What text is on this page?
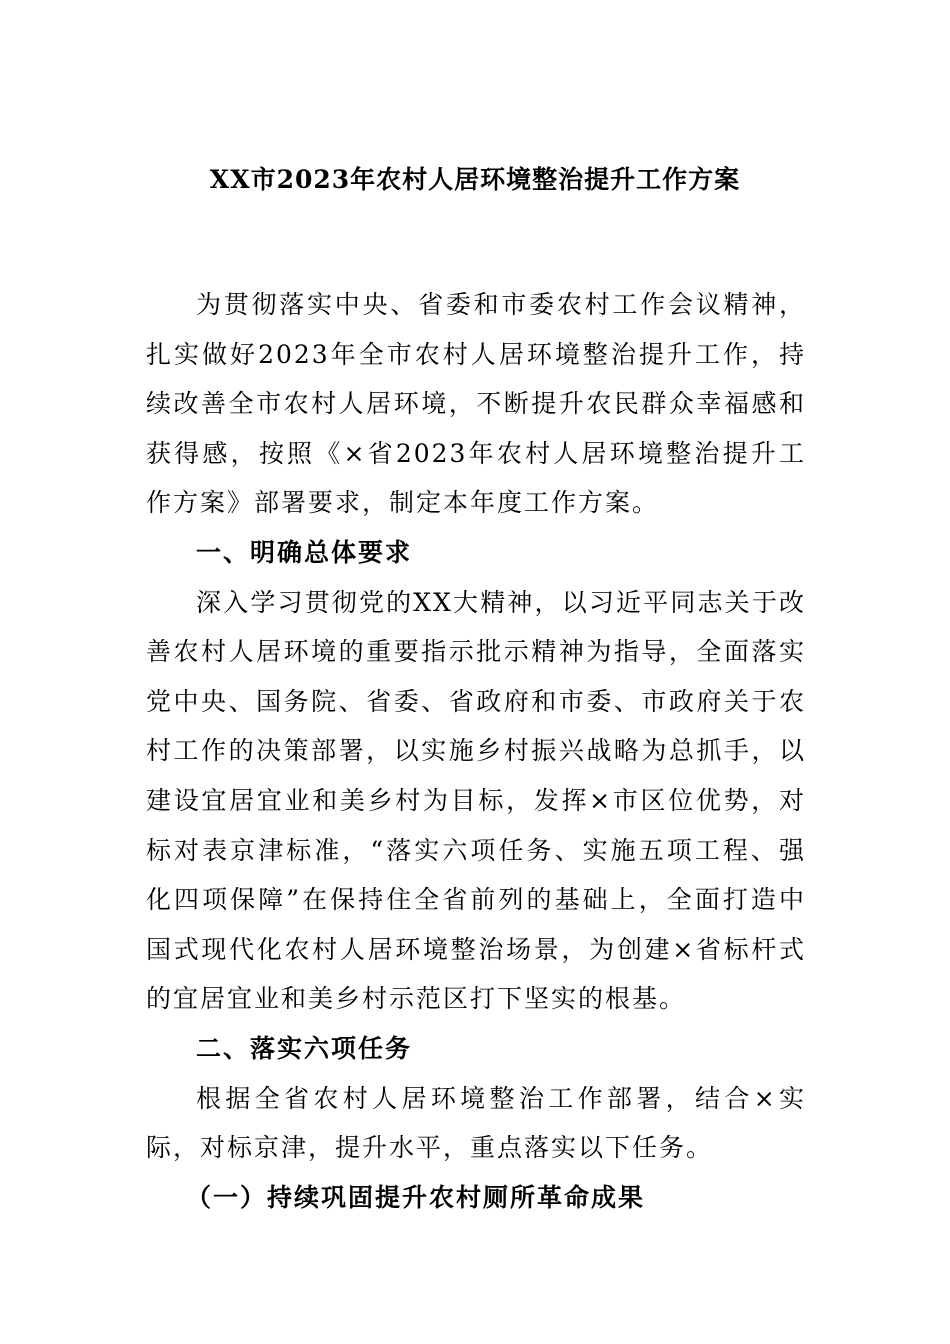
XX市2023年农村人居环境整治提升工作方案

为贯彻落实中央、省委和市委农村工作会议精神，扎实做好2023年全市农村人居环境整治提升工作，持续改善全市农村人居环境，不断提升农民群众幸福感和获得感，按照《×省2023年农村人居环境整治提升工作方案》部署要求，制定本年度工作方案。

一、明确总体要求

深入学习贯彻党的XX大精神，以习近平同志关于改善农村人居环境的重要指示批示精神为指导，全面落实党中央、国务院、省委、省政府和市委、市政府关于农村工作的决策部署，以实施乡村振兴战略为总抓手，以建设宜居宜业和美乡村为目标，发挥×市区位优势，对标对表京津标准，“落实六项任务、实施五项工程、强化四项保障”在保持住全省前列的基础上，全面打造中国式现代化农村人居环境整治场景，为创建×省标杆式的宜居宜业和美乡村示范区打下坚实的根基。

二、落实六项任务

根据全省农村人居环境整治工作部署，结合×实际，对标京津，提升水平，重点落实以下任务。

（一）持续巩固提升农村厕所革命成果
